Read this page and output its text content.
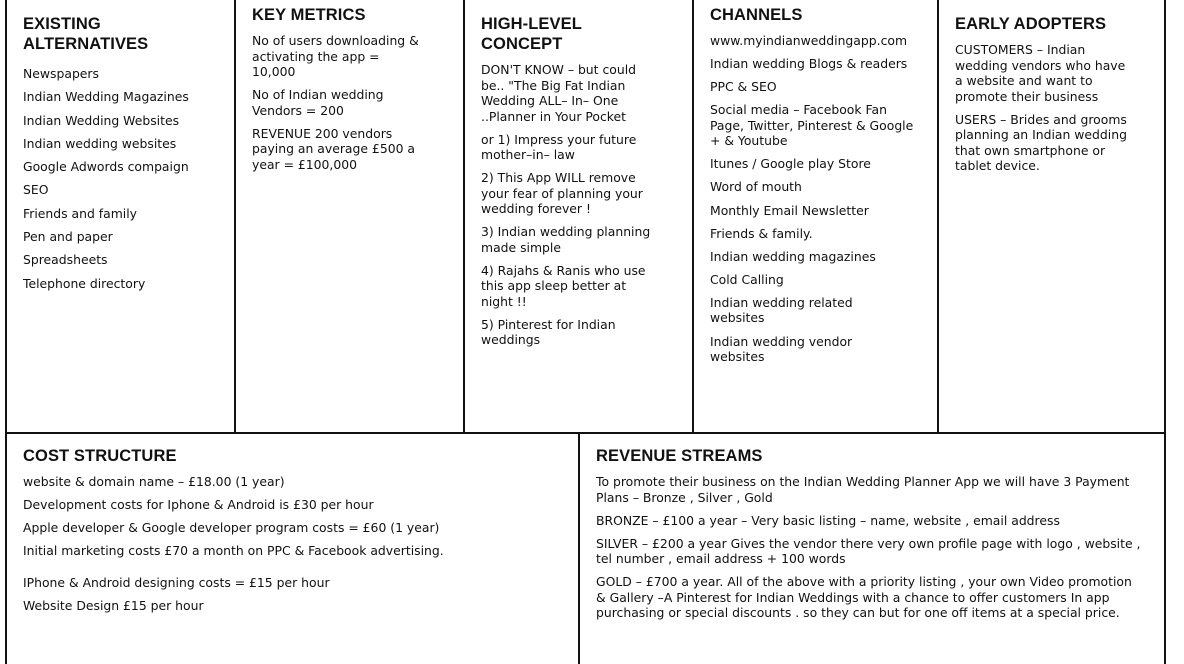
EXISTING ALTERNATIVES
Newspapers
Indian Wedding Magazines
Indian Wedding Websites
Indian wedding websites
Google Adwords compaign
SEO
Friends and family
Pen and paper
Spreadsheets
Telephone directory
KEY METRICS
No of users downloading & activating the app = 10,000
No of Indian wedding Vendors = 200
REVENUE 200 vendors paying an average £500 a year = £100,000
HIGH-LEVEL CONCEPT
DON'T KNOW – but could be.. "The Big Fat Indian Wedding ALL– In– One ..Planner in Your Pocket
or 1) Impress your future mother–in– law
2) This App WILL remove your fear of planning your wedding forever !
3) Indian wedding planning made simple
4) Rajahs & Ranis who use this app sleep better at night !!
5) Pinterest for Indian weddings
CHANNELS
www.myindianweddingapp.com
Indian wedding Blogs & readers
PPC & SEO
Social media – Facebook Fan Page, Twitter, Pinterest & Google + & Youtube
Itunes / Google play Store
Word of mouth
Monthly Email Newsletter
Friends & family.
Indian wedding magazines
Cold Calling
Indian wedding related websites
Indian wedding vendor websites
EARLY ADOPTERS
CUSTOMERS – Indian wedding vendors who have a website and want to promote their business
USERS – Brides and grooms planning an Indian wedding that own smartphone or tablet device.
COST STRUCTURE
website & domain name – £18.00 (1 year)
Development costs for Iphone & Android is £30 per hour
Apple developer & Google developer program costs = £60 (1 year)
Initial marketing costs £70 a month on PPC & Facebook advertising.
IPhone & Android designing costs = £15 per hour
Website Design £15 per hour
REVENUE STREAMS
To promote their business on the Indian Wedding Planner App we will have 3 Payment Plans – Bronze , Silver , Gold
BRONZE – £100 a year – Very basic listing – name, website , email address
SILVER – £200 a year Gives the vendor there very own profile page with logo , website , tel number , email address + 100 words
GOLD – £700 a year. All of the above with a priority listing , your own Video promotion & Gallery –A Pinterest for Indian Weddings with a chance to offer customers In app purchasing or special discounts . so they can but for one off items at a special price.
